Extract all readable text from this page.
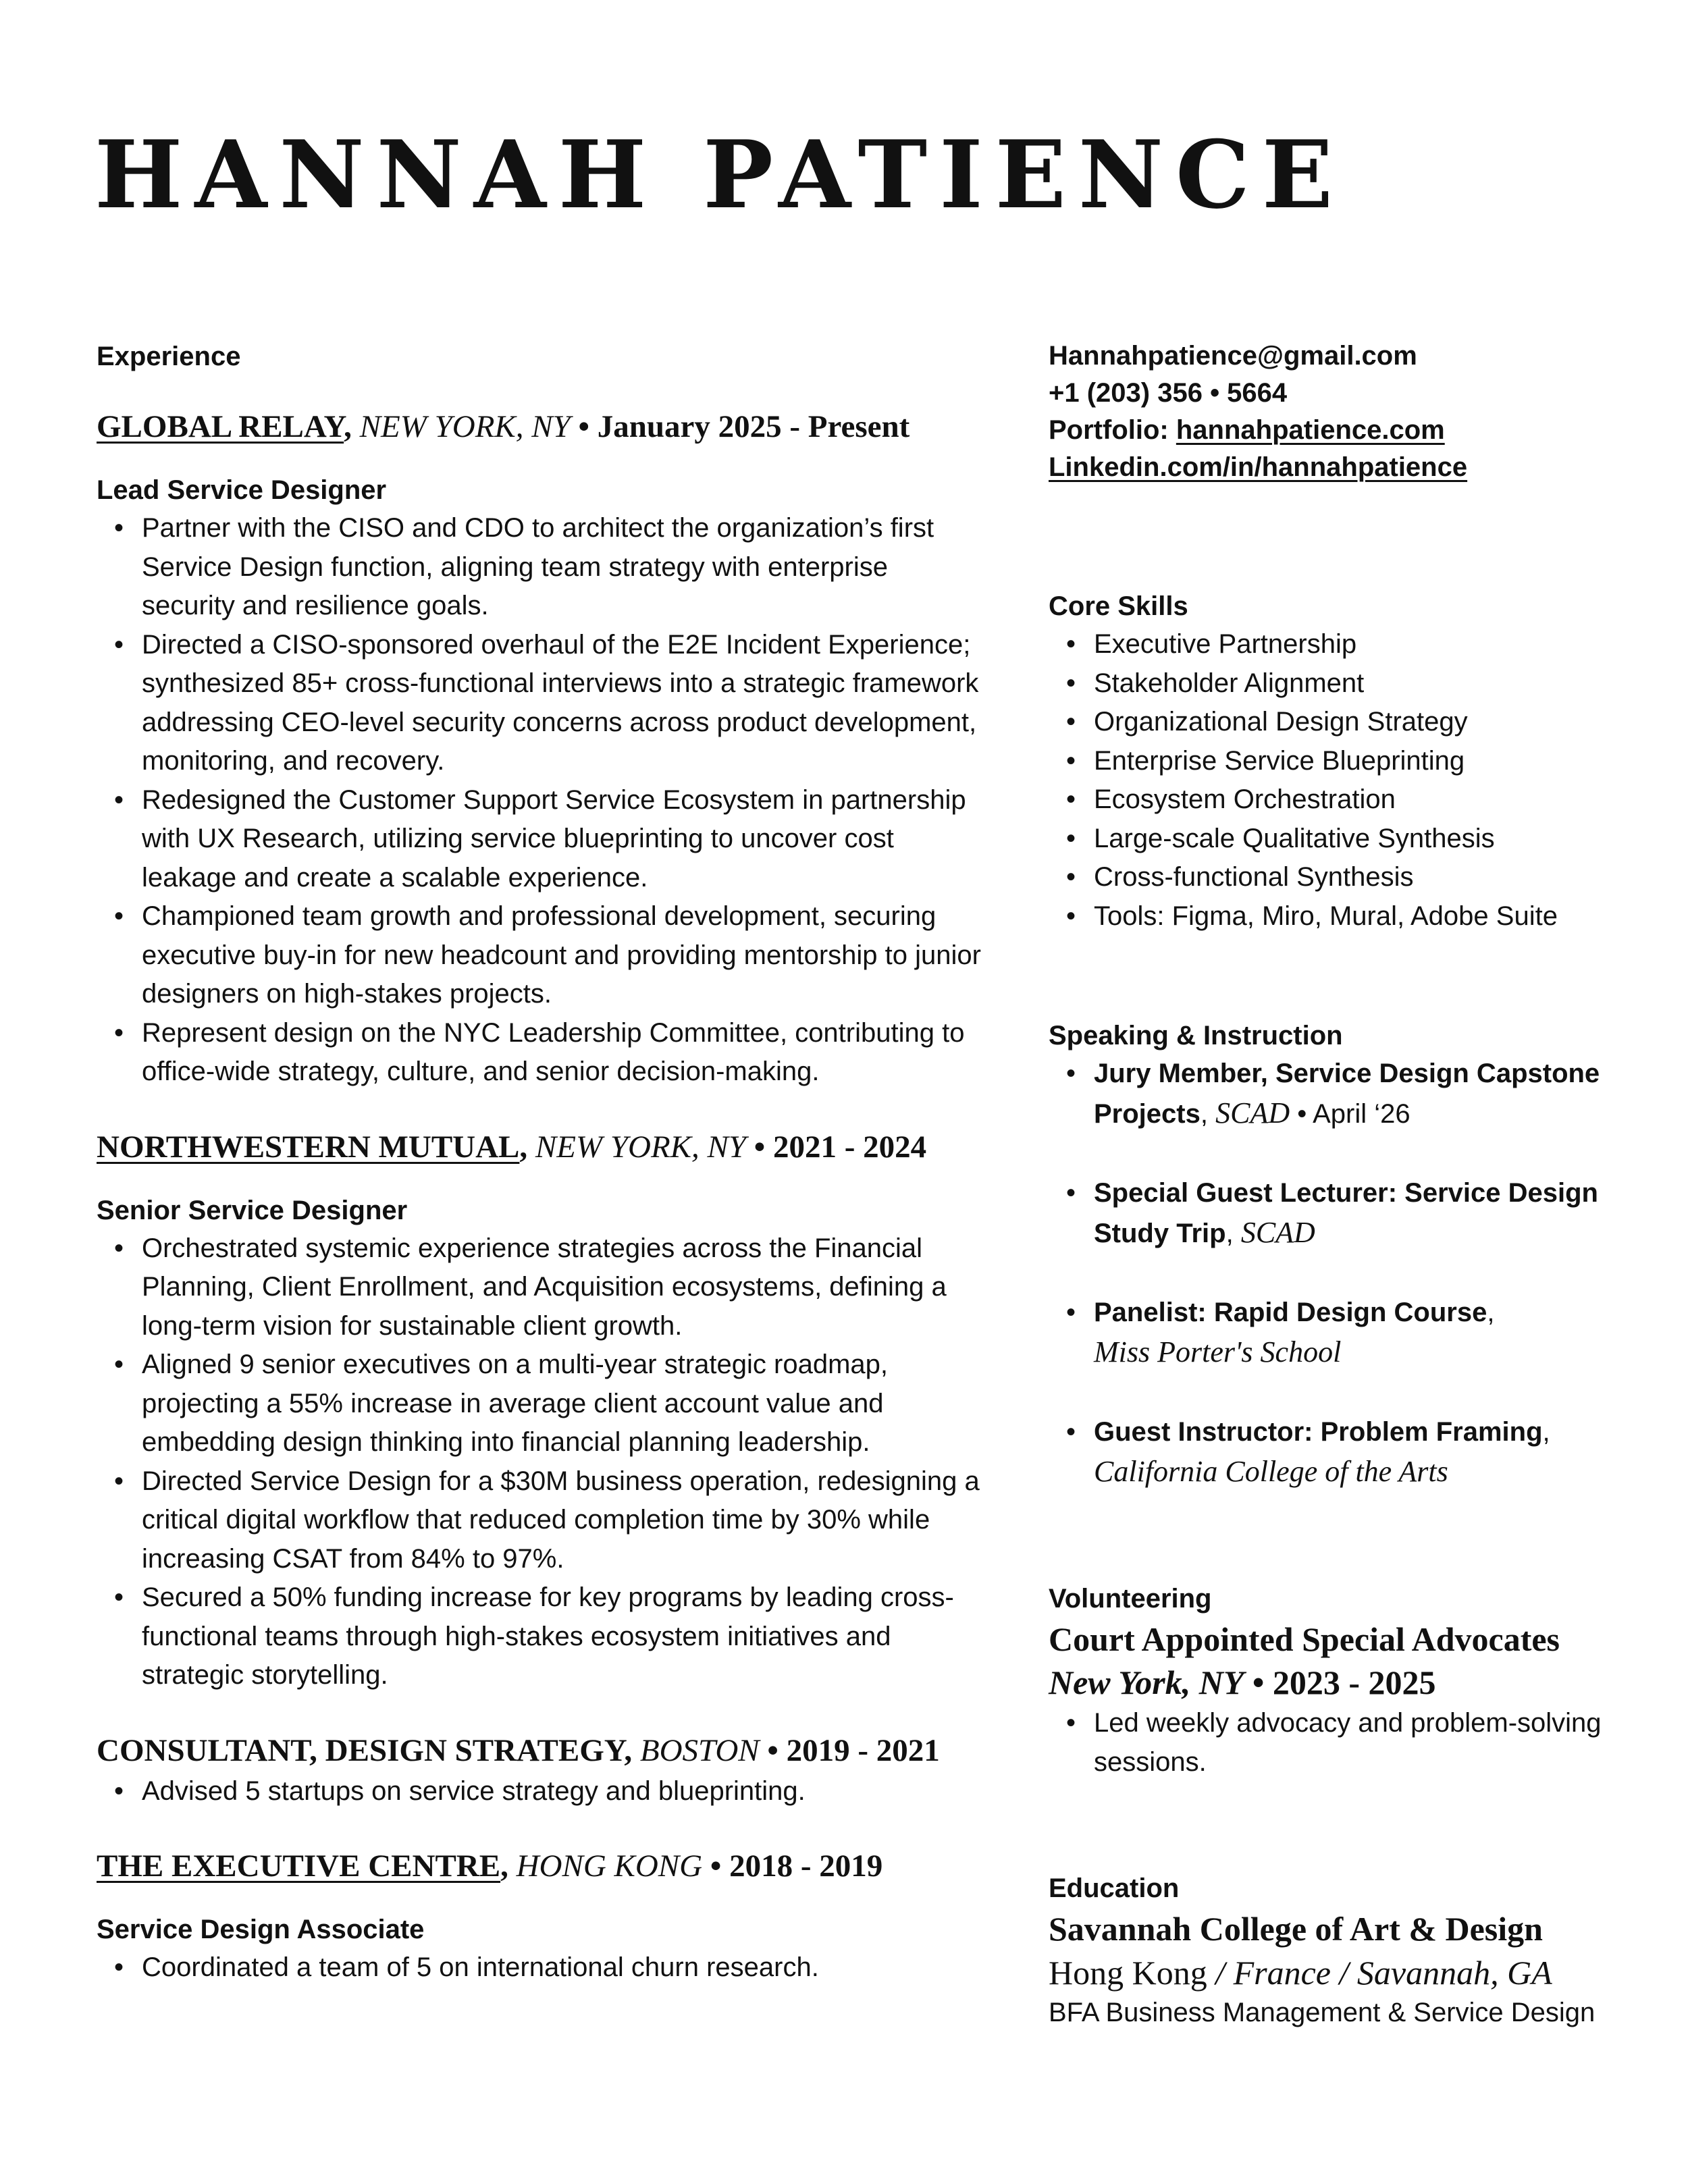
HANNAH PATIENCE
Experience
GLOBAL RELAY, NEW YORK, NY • January 2025 - Present
Lead Service Designer
• Partner with the CISO and CDO to architect the organization’s first Service Design function, aligning team strategy with enterprise security and resilience goals.
• Directed a CISO-sponsored overhaul of the E2E Incident Experience; synthesized 85+ cross-functional interviews into a strategic framework addressing CEO-level security concerns across product development, monitoring, and recovery.
• Redesigned the Customer Support Service Ecosystem in partnership with UX Research, utilizing service blueprinting to uncover cost leakage and create a scalable experience.
• Championed team growth and professional development, securing executive buy-in for new headcount and providing mentorship to junior designers on high-stakes projects.
• Represent design on the NYC Leadership Committee, contributing to office-wide strategy, culture, and senior decision-making.
NORTHWESTERN MUTUAL, NEW YORK, NY • 2021 - 2024
Senior Service Designer
• Orchestrated systemic experience strategies across the Financial Planning, Client Enrollment, and Acquisition ecosystems, defining a long-term vision for sustainable client growth.
• Aligned 9 senior executives on a multi-year strategic roadmap, projecting a 55% increase in average client account value and embedding design thinking into financial planning leadership.
• Directed Service Design for a $30M business operation, redesigning a critical digital workflow that reduced completion time by 30% while increasing CSAT from 84% to 97%.
• Secured a 50% funding increase for key programs by leading cross-functional teams through high-stakes ecosystem initiatives and strategic storytelling.
CONSULTANT, DESIGN STRATEGY, BOSTON • 2019 - 2021
• Advised 5 startups on service strategy and blueprinting.
THE EXECUTIVE CENTRE, HONG KONG • 2018 - 2019
Service Design Associate
• Coordinated a team of 5 on international churn research.
Hannahpatience@gmail.com
+1 (203) 356 • 5664
Portfolio: hannahpatience.com
Linkedin.com/in/hannahpatience
Core Skills
• Executive Partnership
• Stakeholder Alignment
• Organizational Design Strategy
• Enterprise Service Blueprinting
• Ecosystem Orchestration
• Large-scale Qualitative Synthesis
• Cross-functional Synthesis
• Tools: Figma, Miro, Mural, Adobe Suite
Speaking & Instruction
• Jury Member, Service Design Capstone Projects, SCAD • April ‘26
• Special Guest Lecturer: Service Design Study Trip, SCAD
• Panelist: Rapid Design Course,
Miss Porter's School
• Guest Instructor: Problem Framing,
California College of the Arts
Volunteering
Court Appointed Special Advocates
New York, NY • 2023 - 2025
• Led weekly advocacy and problem-solving sessions.
Education
Savannah College of Art & Design
Hong Kong / France / Savannah, GA
BFA Business Management & Service Design
